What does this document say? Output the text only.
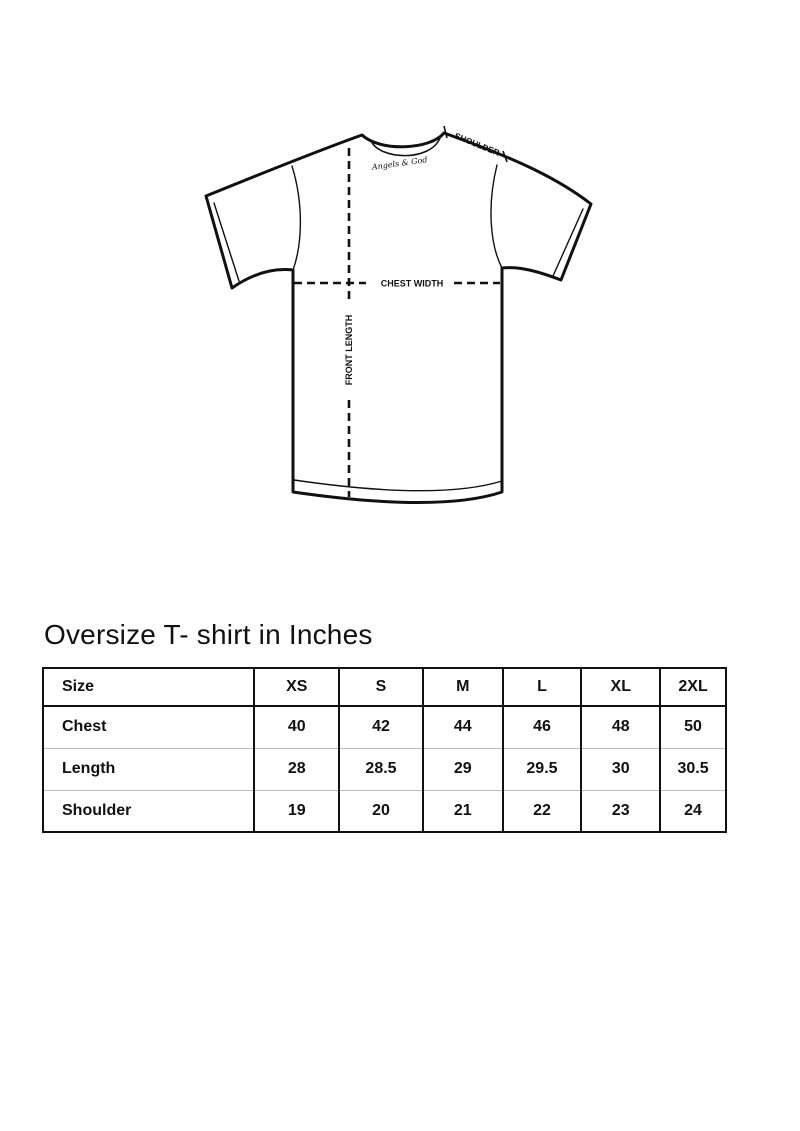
Angels & God
SHOULDER
CHEST WIDTH
FRONT LENGTH
Oversize T- shirt in Inches
Size	XS	S	M	L	XL	2XL
Chest	40	42	44	46	48	50
Length	28	28.5	29	29.5	30	30.5
Shoulder	19	20	21	22	23	24
